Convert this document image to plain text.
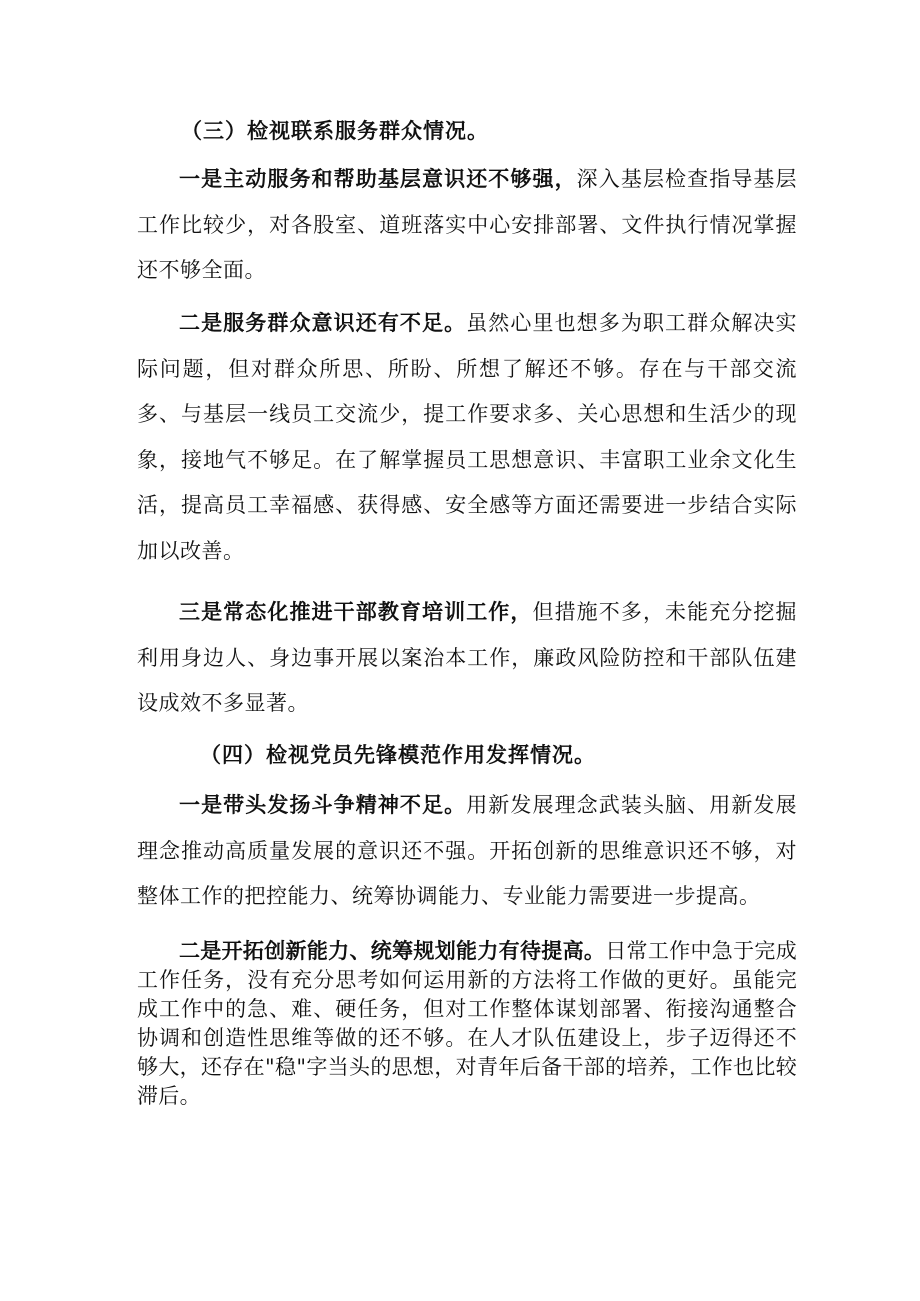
（三）检视联系服务群众情况。

一是主动服务和帮助基层意识还不够强，深入基层检查指导基层工作比较少，对各股室、道班落实中心安排部署、文件执行情况掌握还不够全面。

二是服务群众意识还有不足。虽然心里也想多为职工群众解决实际问题，但对群众所思、所盼、所想了解还不够。存在与干部交流多、与基层一线员工交流少，提工作要求多、关心思想和生活少的现象，接地气不够足。在了解掌握员工思想意识、丰富职工业余文化生活，提高员工幸福感、获得感、安全感等方面还需要进一步结合实际加以改善。

三是常态化推进干部教育培训工作，但措施不多，未能充分挖掘利用身边人、身边事开展以案治本工作，廉政风险防控和干部队伍建设成效不多显著。

（四）检视党员先锋模范作用发挥情况。

一是带头发扬斗争精神不足。用新发展理念武装头脑、用新发展理念推动高质量发展的意识还不强。开拓创新的思维意识还不够，对整体工作的把控能力、统筹协调能力、专业能力需要进一步提高。

二是开拓创新能力、统筹规划能力有待提高。日常工作中急于完成工作任务，没有充分思考如何运用新的方法将工作做的更好。虽能完成工作中的急、难、硬任务，但对工作整体谋划部署、衔接沟通整合协调和创造性思维等做的还不够。在人才队伍建设上，步子迈得还不够大，还存在"稳"字当头的思想，对青年后备干部的培养，工作也比较滞后。
